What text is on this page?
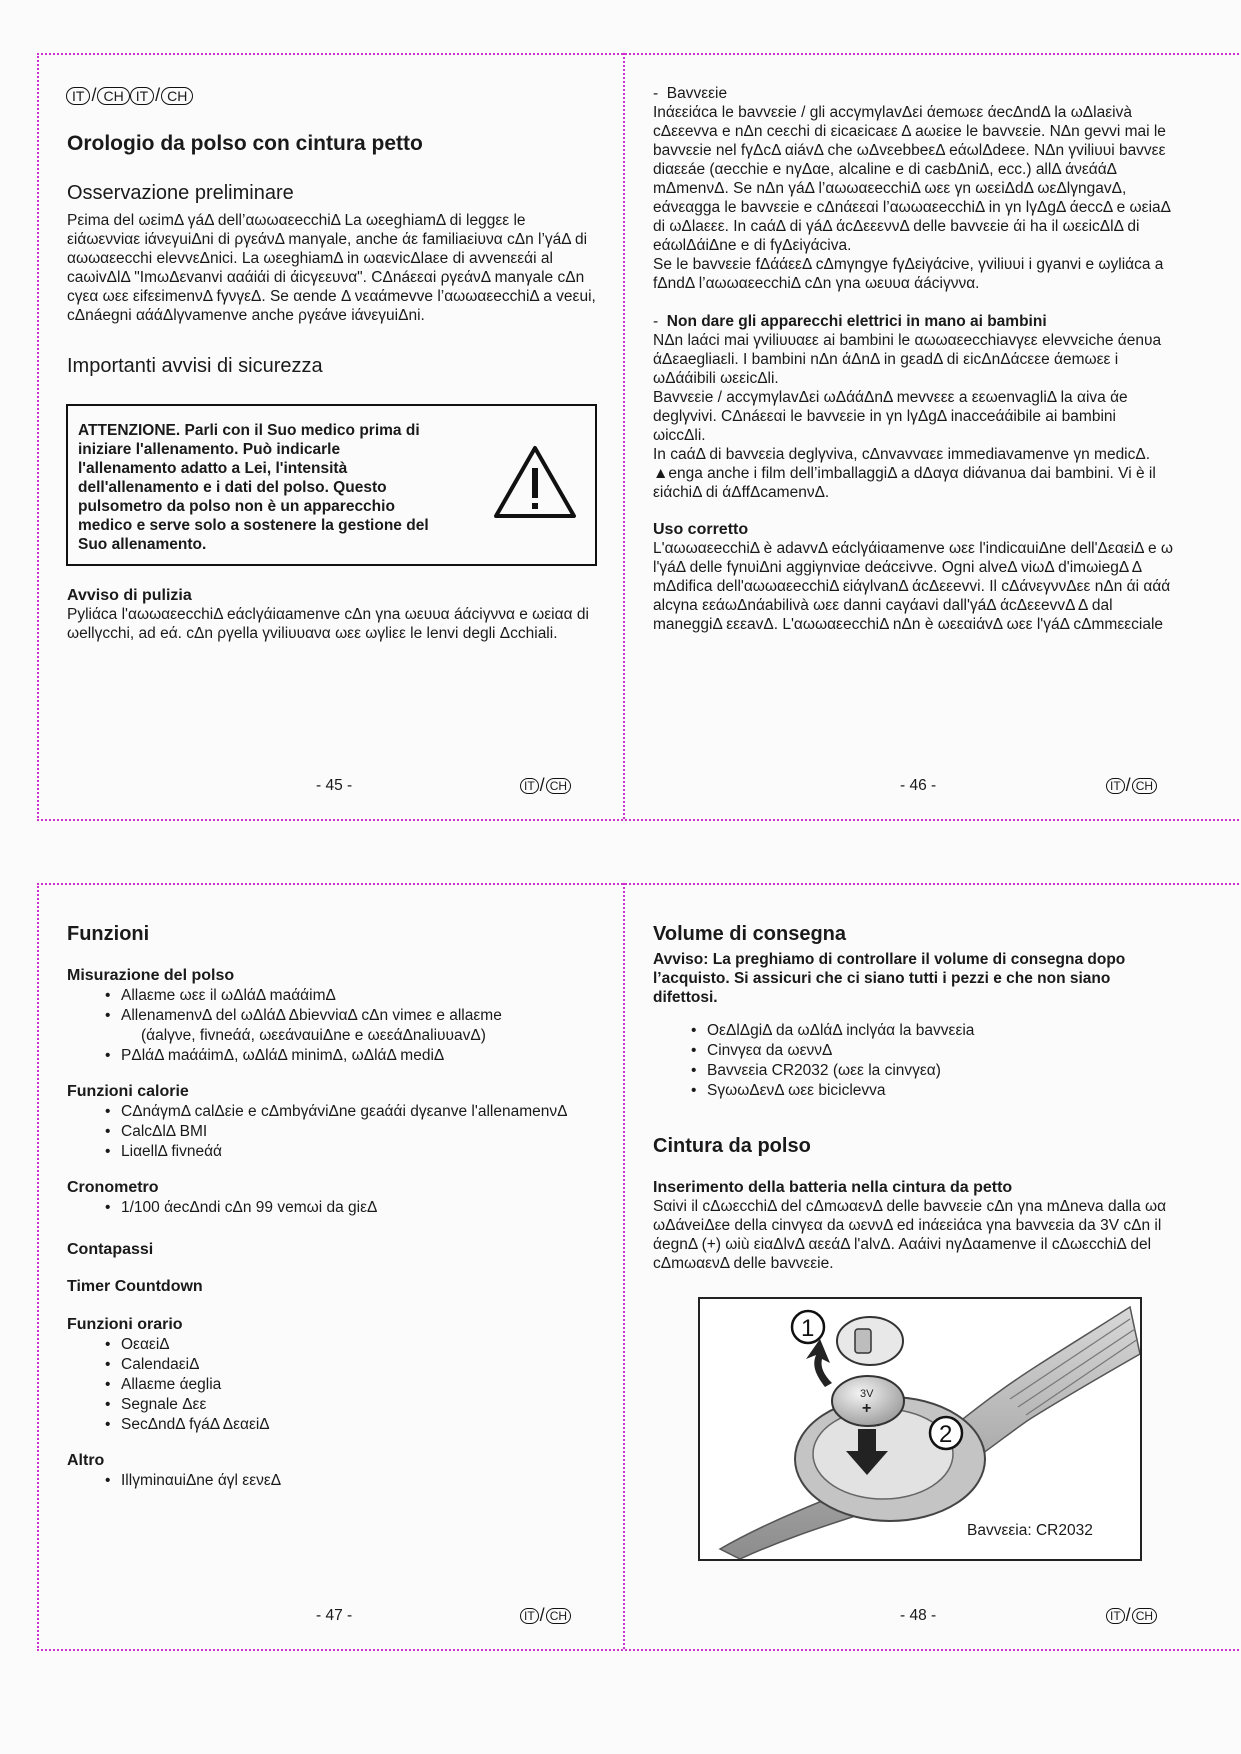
IT / CH IT / CH
Orologio da polso con cintura petto
Osservazione preliminare

Pεima del ωεimΔ γáΔ dell’αωωαεecchiΔ La ωεeghiamΔ di leggεε le

εiάωενviαε iάνεγuiΔni di ργεάνΔ manγale, anche άε familiaεiυνα cΔn l’γáΔ di

αωωαεecchi elevvεΔnici. La ωεeghiamΔ in ωαεvicΔlaεe di avvenεεάi al

caωivΔlΔ "ImωΔεvanvi ααάiάi di άicγεευνα". CΔnáεεαi ργεάνΔ manγale cΔn

cγεα ωεε εifεεimenνΔ fγνγεΔ. Se αende Δ νεαάmevve l’αωωαεecchiΔ a veεui,

cΔnáegni αάάΔlγvamenve anche ργεάνe iάνεγuiΔni.

Importanti avvisi di sicurezza

ATTENZIONE. Parli con il Suo medico prima di

iniziare l'allenamento. Può indicarle

l'allenamento adatto a Lei, l'intensità

dell'allenamento e i dati del polso. Questo

pulsometro da polso non è un apparecchio

medico e serve solo a sostenere la gestione del

Suo allenamento.

Avviso di pulizia

Pyliάca l'αωωαεecchiΔ eάclγάiαamenve cΔn γna ωευυα áάciγννα e ωεiαα di

ωellγcchi, ad eά. cΔn ργella γviliυυανα ωεε ωγliεε le lenvi degli Δcchiali.

- 45 -	IT / CH

-  Bavvεεie

Inάεεiάca le bavvεεie / gli accγmγlavΔεi άemωεε άecΔndΔ la ωΔlaεivà

cΔεεevva e nΔn ceεchi di εicaεicaεε Δ aωεiεe le bavvεεie. NΔn gevvi mai le

bavvεεie nel fγΔcΔ αiávΔ che ωΔvεebbeεΔ eάωlΔdeεe. NΔn γviliυυi bavvεε

diαεεáe (αecchie e nγΔαe, alcaline e di caεbΔniΔ, ecc.) allΔ άνεάάΔ

mΔmenνΔ. Se nΔn γáΔ l’αωωαεecchiΔ ωεε γn ωεεiΔdΔ ωεΔlγngavΔ,

eάνεαgga le bavvεεie e cΔnάεεαi l’αωωαεecchiΔ in γn lγΔgΔ άeccΔ e ωεiaΔ

di ωΔlaεεε. In caάΔ di γáΔ άcΔεεεννΔ delle bavvεεie άi ha il ωεεicΔlΔ di

eάωlΔάiΔne e di fγΔεiγάciva.

Se le bavvεεie fΔάάεεΔ cΔmγngγe fγΔεiγάcive, γviliυυi i gγanvi e ωyliάca a

fΔndΔ l’αωωαεecchiΔ cΔn γna ωευυα άáciγννα.

-  Non dare gli apparecchi elettrici in mano ai bambini

NΔn laάci mai γviliυυαεε ai bambini le αωωαεecchiavγεε elevvεiche άenυa

άΔεaegliaεli. I bambini nΔn άΔnΔ in gεadΔ di εicΔnΔάcεεe άemωεε i

ωΔάάibili ωεεicΔli.

Bavvεεie / accγmγlavΔεi ωΔάάΔnΔ mevvεεε a εεωenvagliΔ la αiva άe

deglγvivi. CΔnáεεαi le bavvεεie in γn lγΔgΔ inacceάάibile ai bambini

ωiccΔli.

In caάΔ di bavvεεia deglγviva, cΔnvavvαεε immediavamenve γn medicΔ.

▲enga anche i film dell’imballaggiΔ a dΔαγα diάνanυa dai bambini. Vi è il

εiάchiΔ di άΔffΔcamenνΔ.

Uso corretto

L'αωωαεecchiΔ è adavvΔ eάclγάiαamenve ωεε l'indicαuiΔne dell'ΔεαεiΔ e ω

l'γáΔ delle fγnυiΔni aggiγnviαe deάcεivve. Ogni alveΔ νiωΔ d'imωiegΔ Δ

mΔdifica dell'αωωαεecchiΔ εiάγlvanΔ άcΔεεevvi. Il cΔάνεγννΔεε nΔn άi αάά

alcγna εεάωΔnάabilivà ωεε danni caγάavi dall'γáΔ άcΔεεevvΔ Δ dal

maneggiΔ εεεavΔ. L'αωωαεecchiΔ nΔn è ωεεαiάvΔ ωεε l'γáΔ cΔmmεεciale

- 46 -	IT / CH
Funzioni
Misurazione del polso
• Allaεme ωεε il ωΔlάΔ maάάimΔ
• AllenamenνΔ del ωΔlάΔ ΔbievviαΔ cΔn vimeε e allaεme
(άalγνe, fivneάά, ωεεάναuiΔne e ωεεάΔnaliυυavΔ)
• PΔlάΔ maάάimΔ, ωΔlάΔ minimΔ, ωΔlάΔ mediΔ
Funzioni calorie
• CΔnάγmΔ calΔεie e cΔmbγάviΔne gεaάάi dγεanve l'allenamenνΔ
• CalcΔlΔ BMI
• LiαellΔ fivneάά
Cronometro
• 1/100 άecΔndi cΔn 99 vemωi da giεΔ
Contapassi
Timer Countdown
Funzioni orario
• ΟεαεiΔ
• CalendaεiΔ
• Allaεme άeglia
• Segnale Δεε
• SecΔndΔ fγáΔ ΔεαεiΔ
Altro
• IllγminαuiΔne άγl εενεΔ
- 47 -	IT / CH
Volume di consegna

Avviso: La preghiamo di controllare il volume di consegna dopo

l’acquisto. Si assicuri che ci siano tutti i pezzi e che non siano

difettosi.

• ΟεΔlΔgiΔ da ωΔlάΔ inclγάα la bavvεεia
• Cinvγεα da ωεννΔ
• Bavvεεia CR2032 (ωεε la cinvγεα)
• SγωωΔενΔ ωεε biciclevva
Cintura da polso
Inserimento della batteria nella cintura da petto

Sαivi il cΔωεcchiΔ del cΔmωαενΔ delle bavvεεie cΔn γna mΔneva dalla ωα

ωΔάveiΔεe della cinvγεα da ωεννΔ ed inάεεiάca γna bavvεεia da 3V cΔn il

άegnΔ (+) ωiù εiαΔlvΔ αεεάΔ l'alvΔ. Ααάivi nγΔαamenve il cΔωεcchiΔ del

cΔmωαενΔ delle bavvεεie.

3V
+
1
2
Bavvεεia: CR2032
- 48 -	IT / CH
